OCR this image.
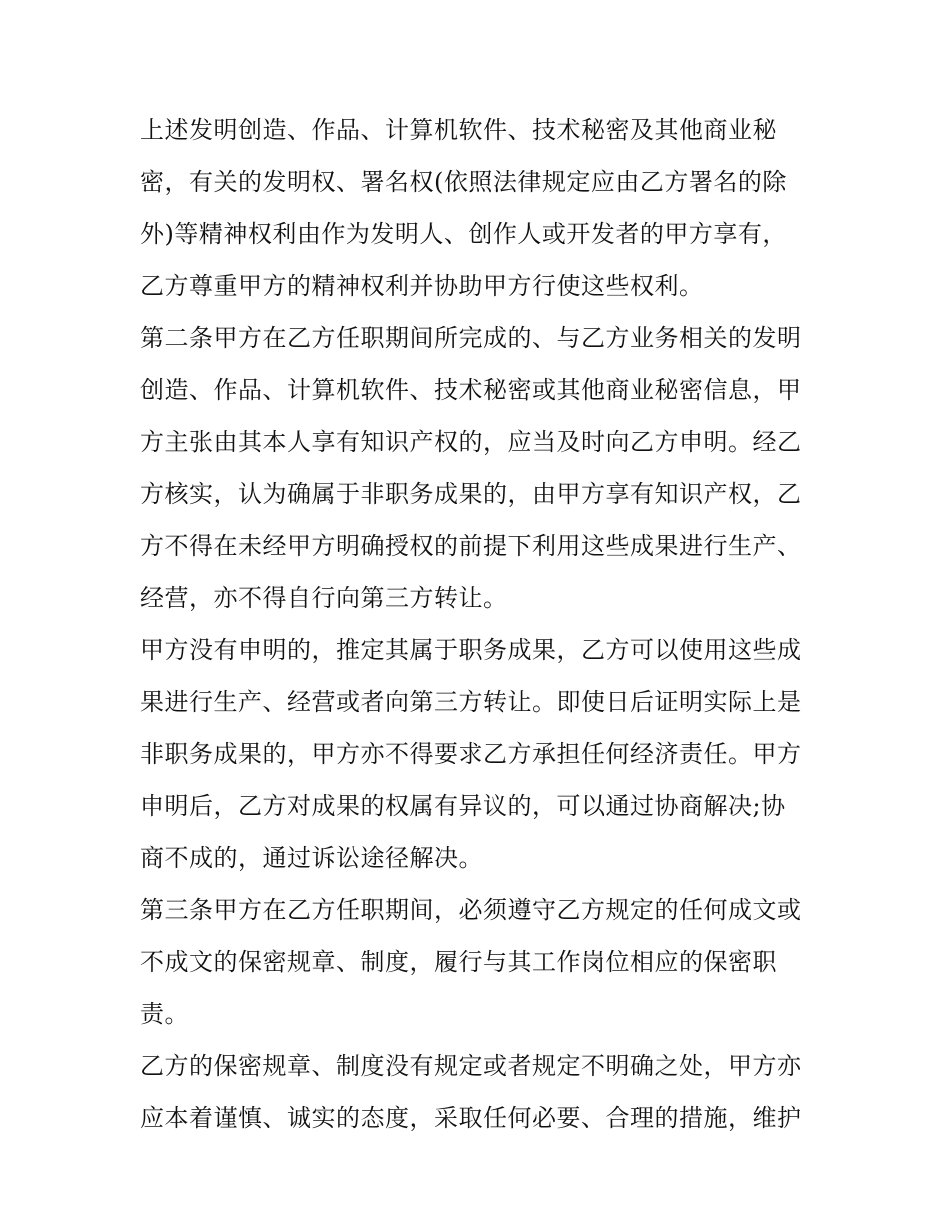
上述发明创造、作品、计算机软件、技术秘密及其他商业秘
密，有关的发明权、署名权(依照法律规定应由乙方署名的除
外)等精神权利由作为发明人、创作人或开发者的甲方享有，
乙方尊重甲方的精神权利并协助甲方行使这些权利。

第二条甲方在乙方任职期间所完成的、与乙方业务相关的发明
创造、作品、计算机软件、技术秘密或其他商业秘密信息，甲
方主张由其本人享有知识产权的，应当及时向乙方申明。经乙
方核实，认为确属于非职务成果的，由甲方享有知识产权，乙
方不得在未经甲方明确授权的前提下利用这些成果进行生产、
经营，亦不得自行向第三方转让。

甲方没有申明的，推定其属于职务成果，乙方可以使用这些成
果进行生产、经营或者向第三方转让。即使日后证明实际上是
非职务成果的，甲方亦不得要求乙方承担任何经济责任。甲方
申明后，乙方对成果的权属有异议的，可以通过协商解决;协
商不成的，通过诉讼途径解决。

第三条甲方在乙方任职期间，必须遵守乙方规定的任何成文或
不成文的保密规章、制度，履行与其工作岗位相应的保密职
责。

乙方的保密规章、制度没有规定或者规定不明确之处，甲方亦
应本着谨慎、诚实的态度，采取任何必要、合理的措施，维护
